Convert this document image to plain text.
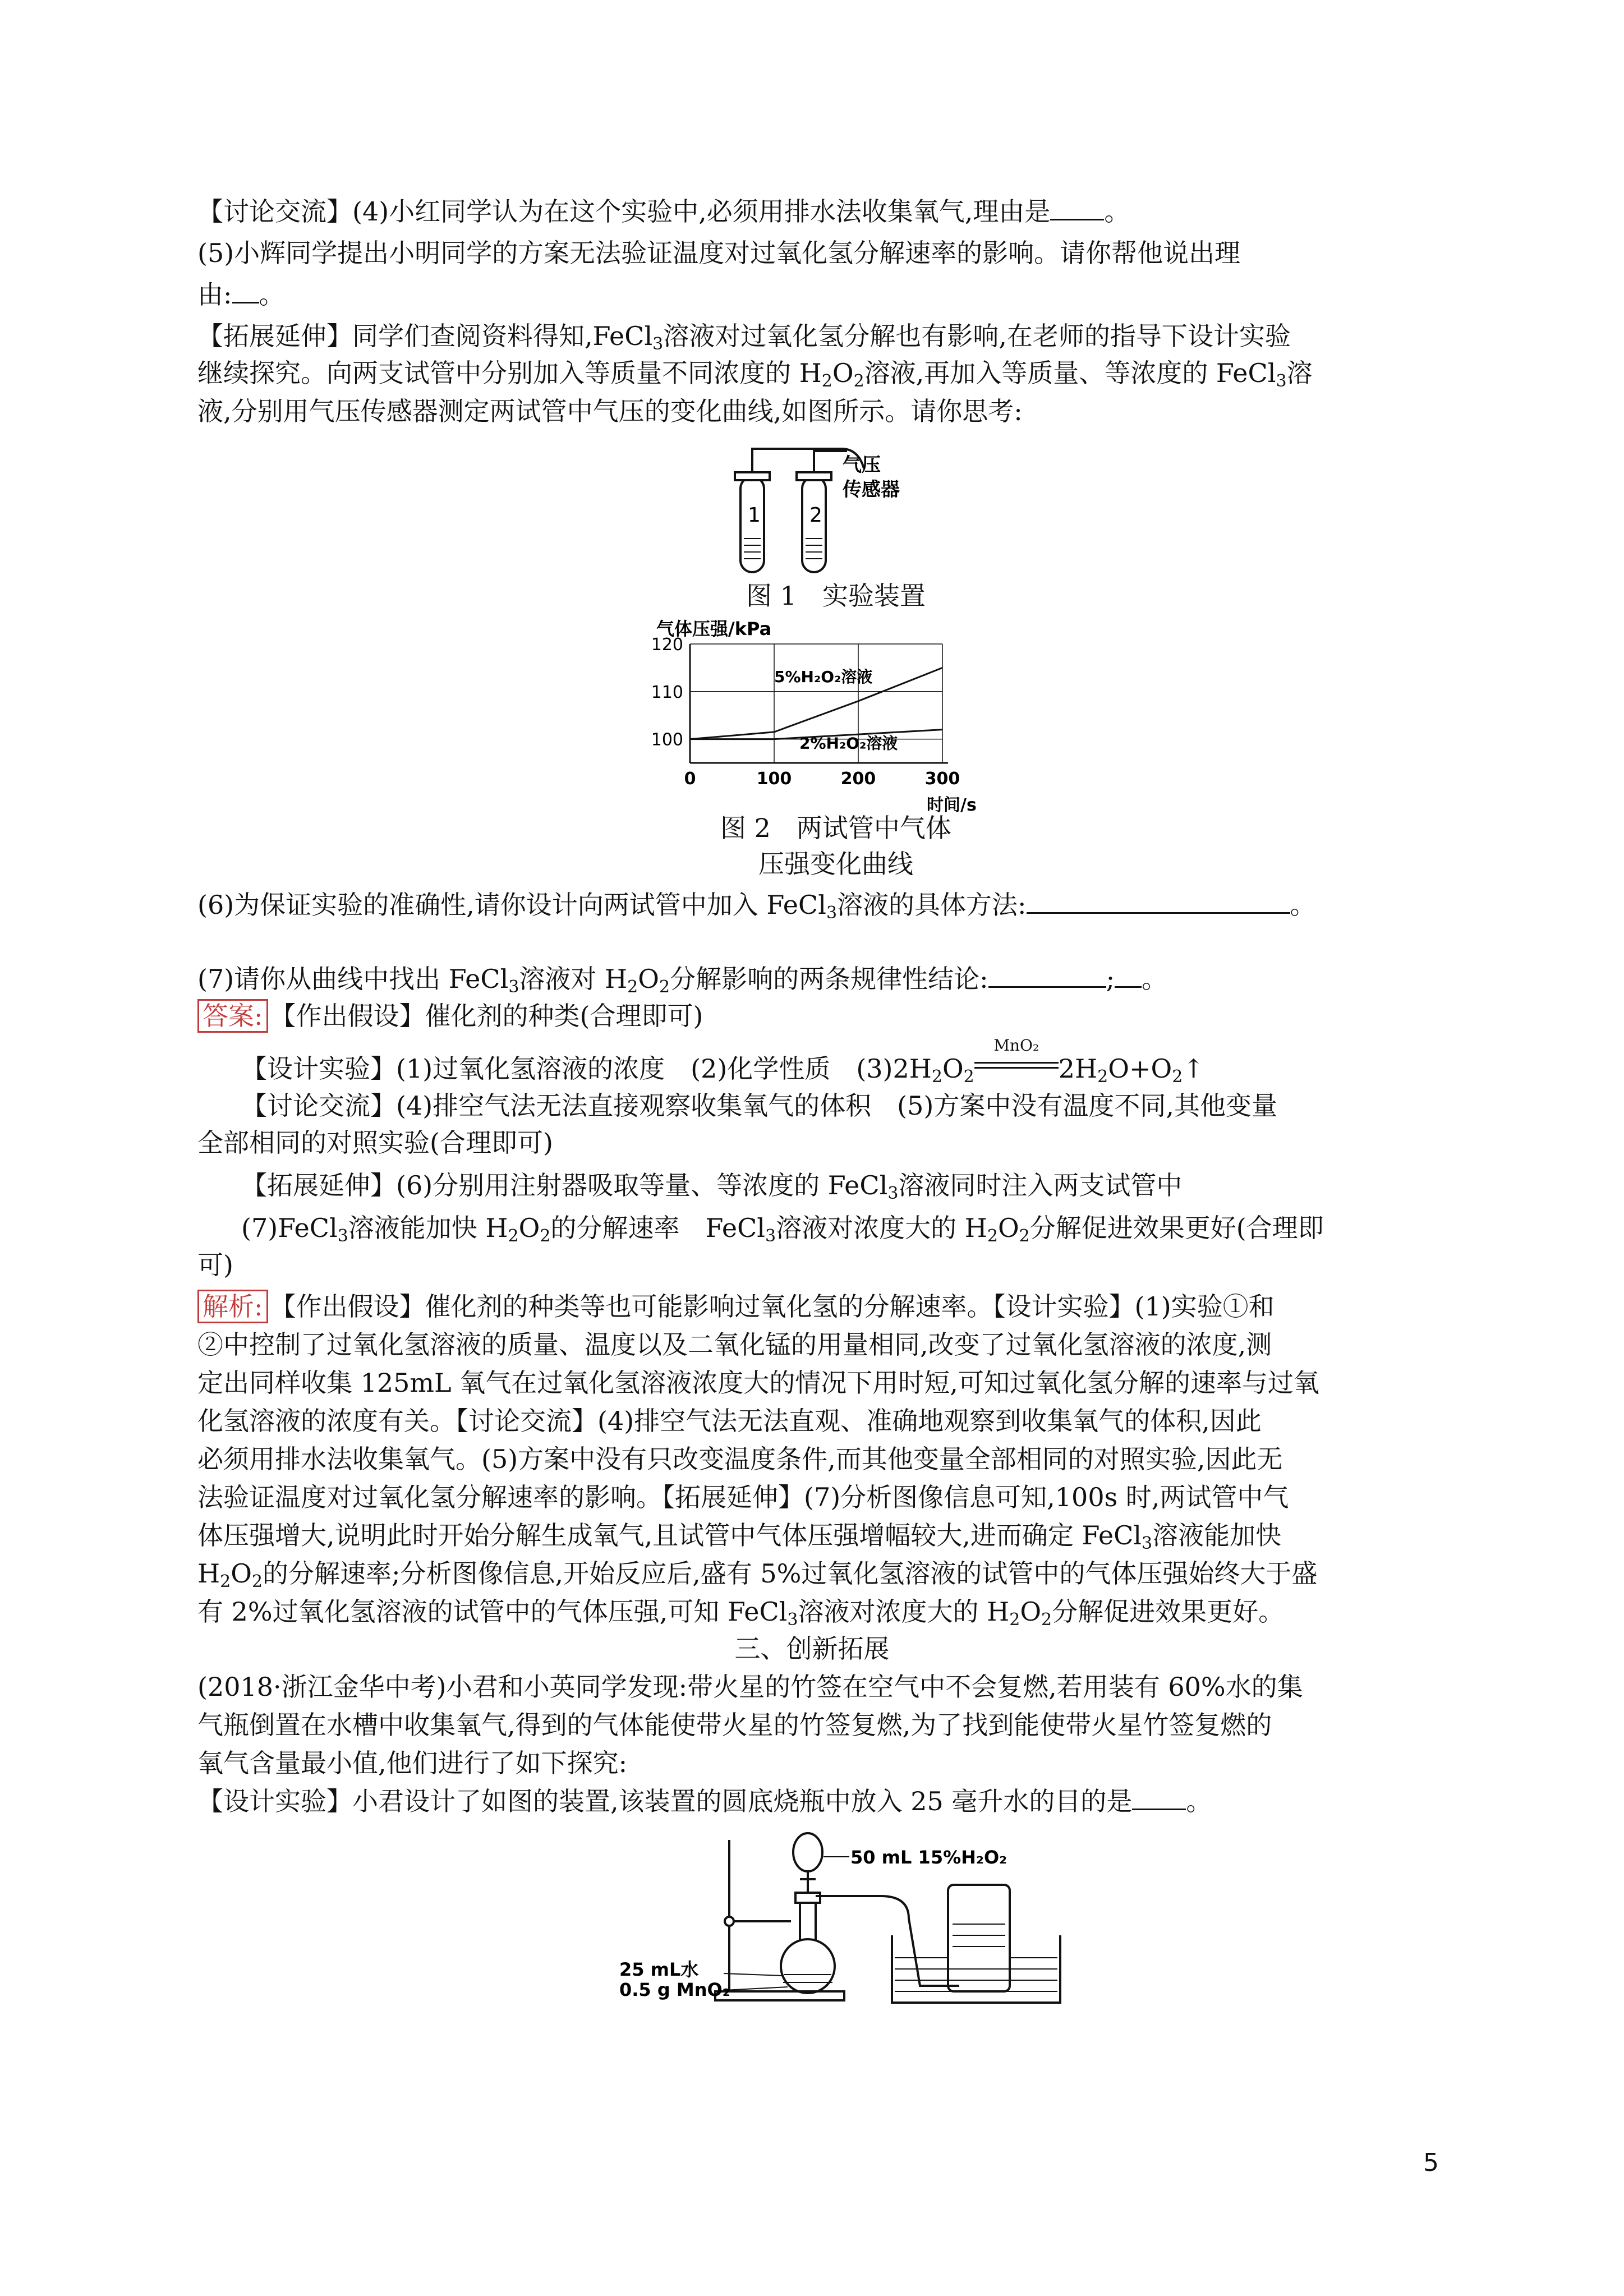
【讨论交流】(4)小红同学认为在这个实验中,必须用排水法收集氧气,理由是 。
(5)小辉同学提出小明同学的方案无法验证温度对过氧化氢分解速率的影响。请你帮他说出理
由: 。
【拓展延伸】同学们查阅资料得知,FeCl$_3$溶液对过氧化氢分解也有影响,在老师的指导下设计实验
继续探究。向两支试管中分别加入等质量不同浓度的 $H_2O_2$溶液,再加入等质量、等浓度的 FeCl$_3$溶
液,分别用气压传感器测定两试管中气压的变化曲线,如图所示。请你思考:
1 2
气压
传感器
图 1　实验装置
气体压强/kPa
时间/s
100
110
120
0	100	200	300
5%H₂O₂溶液
2%H₂O₂溶液
图 2　两试管中气体
压强变化曲线
(6)为保证实验的准确性,请你设计向两试管中加入 FeCl$_3$溶液的具体方法:	。
(7)请你从曲线中找出 FeCl$_3$溶液对 $H_2O_2$分解影响的两条规律性结论:	; 。
答案: 【作出假设】催化剂的种类(合理即可)
【设计实验】(1)过氧化氢溶液的浓度　(2)化学性质　$(3)2H_2O_2$
MnO₂
$2H_2O+O_2↑$
【讨论交流】(4)排空气法无法直接观察收集氧气的体积　(5)方案中没有温度不同,其他变量
全部相同的对照实验(合理即可)
【拓展延伸】(6)分别用注射器吸取等量、等浓度的 FeCl$_3$溶液同时注入两支试管中
(7)FeCl$_3$溶液能加快 $H_2O_2$的分解速率　FeCl$_3$溶液对浓度大的 $H_2O_2$分解促进效果更好(合理即
可)
解析: 【作出假设】催化剂的种类等也可能影响过氧化氢的分解速率。【设计实验】(1)实验①和
②中控制了过氧化氢溶液的质量、温度以及二氧化锰的用量相同,改变了过氧化氢溶液的浓度,测
定出同样收集 125mL 氧气在过氧化氢溶液浓度大的情况下用时短,可知过氧化氢分解的速率与过氧
化氢溶液的浓度有关。【讨论交流】(4)排空气法无法直观、准确地观察到收集氧气的体积,因此
必须用排水法收集氧气。(5)方案中没有只改变温度条件,而其他变量全部相同的对照实验,因此无
法验证温度对过氧化氢分解速率的影响。【拓展延伸】(7)分析图像信息可知,100s 时,两试管中气
体压强增大,说明此时开始分解生成氧气,且试管中气体压强增幅较大,进而确定 FeCl$_3$溶液能加快
$H_2O_2$的分解速率;分析图像信息,开始反应后,盛有 5%过氧化氢溶液的试管中的气体压强始终大于盛
有 2%过氧化氢溶液的试管中的气体压强,可知 FeCl$_3$溶液对浓度大的 $H_2O_2$分解促进效果更好。
三、创新拓展
(2018·浙江金华中考)小君和小英同学发现:带火星的竹签在空气中不会复燃,若用装有 60%水的集
气瓶倒置在水槽中收集氧气,得到的气体能使带火星的竹签复燃,为了找到能使带火星竹签复燃的
氧气含量最小值,他们进行了如下探究:
【设计实验】小君设计了如图的装置,该装置的圆底烧瓶中放入 25 毫升水的目的是 。
50 mL 15%H₂O₂
25 mL水
0.5 g MnO₂
5
